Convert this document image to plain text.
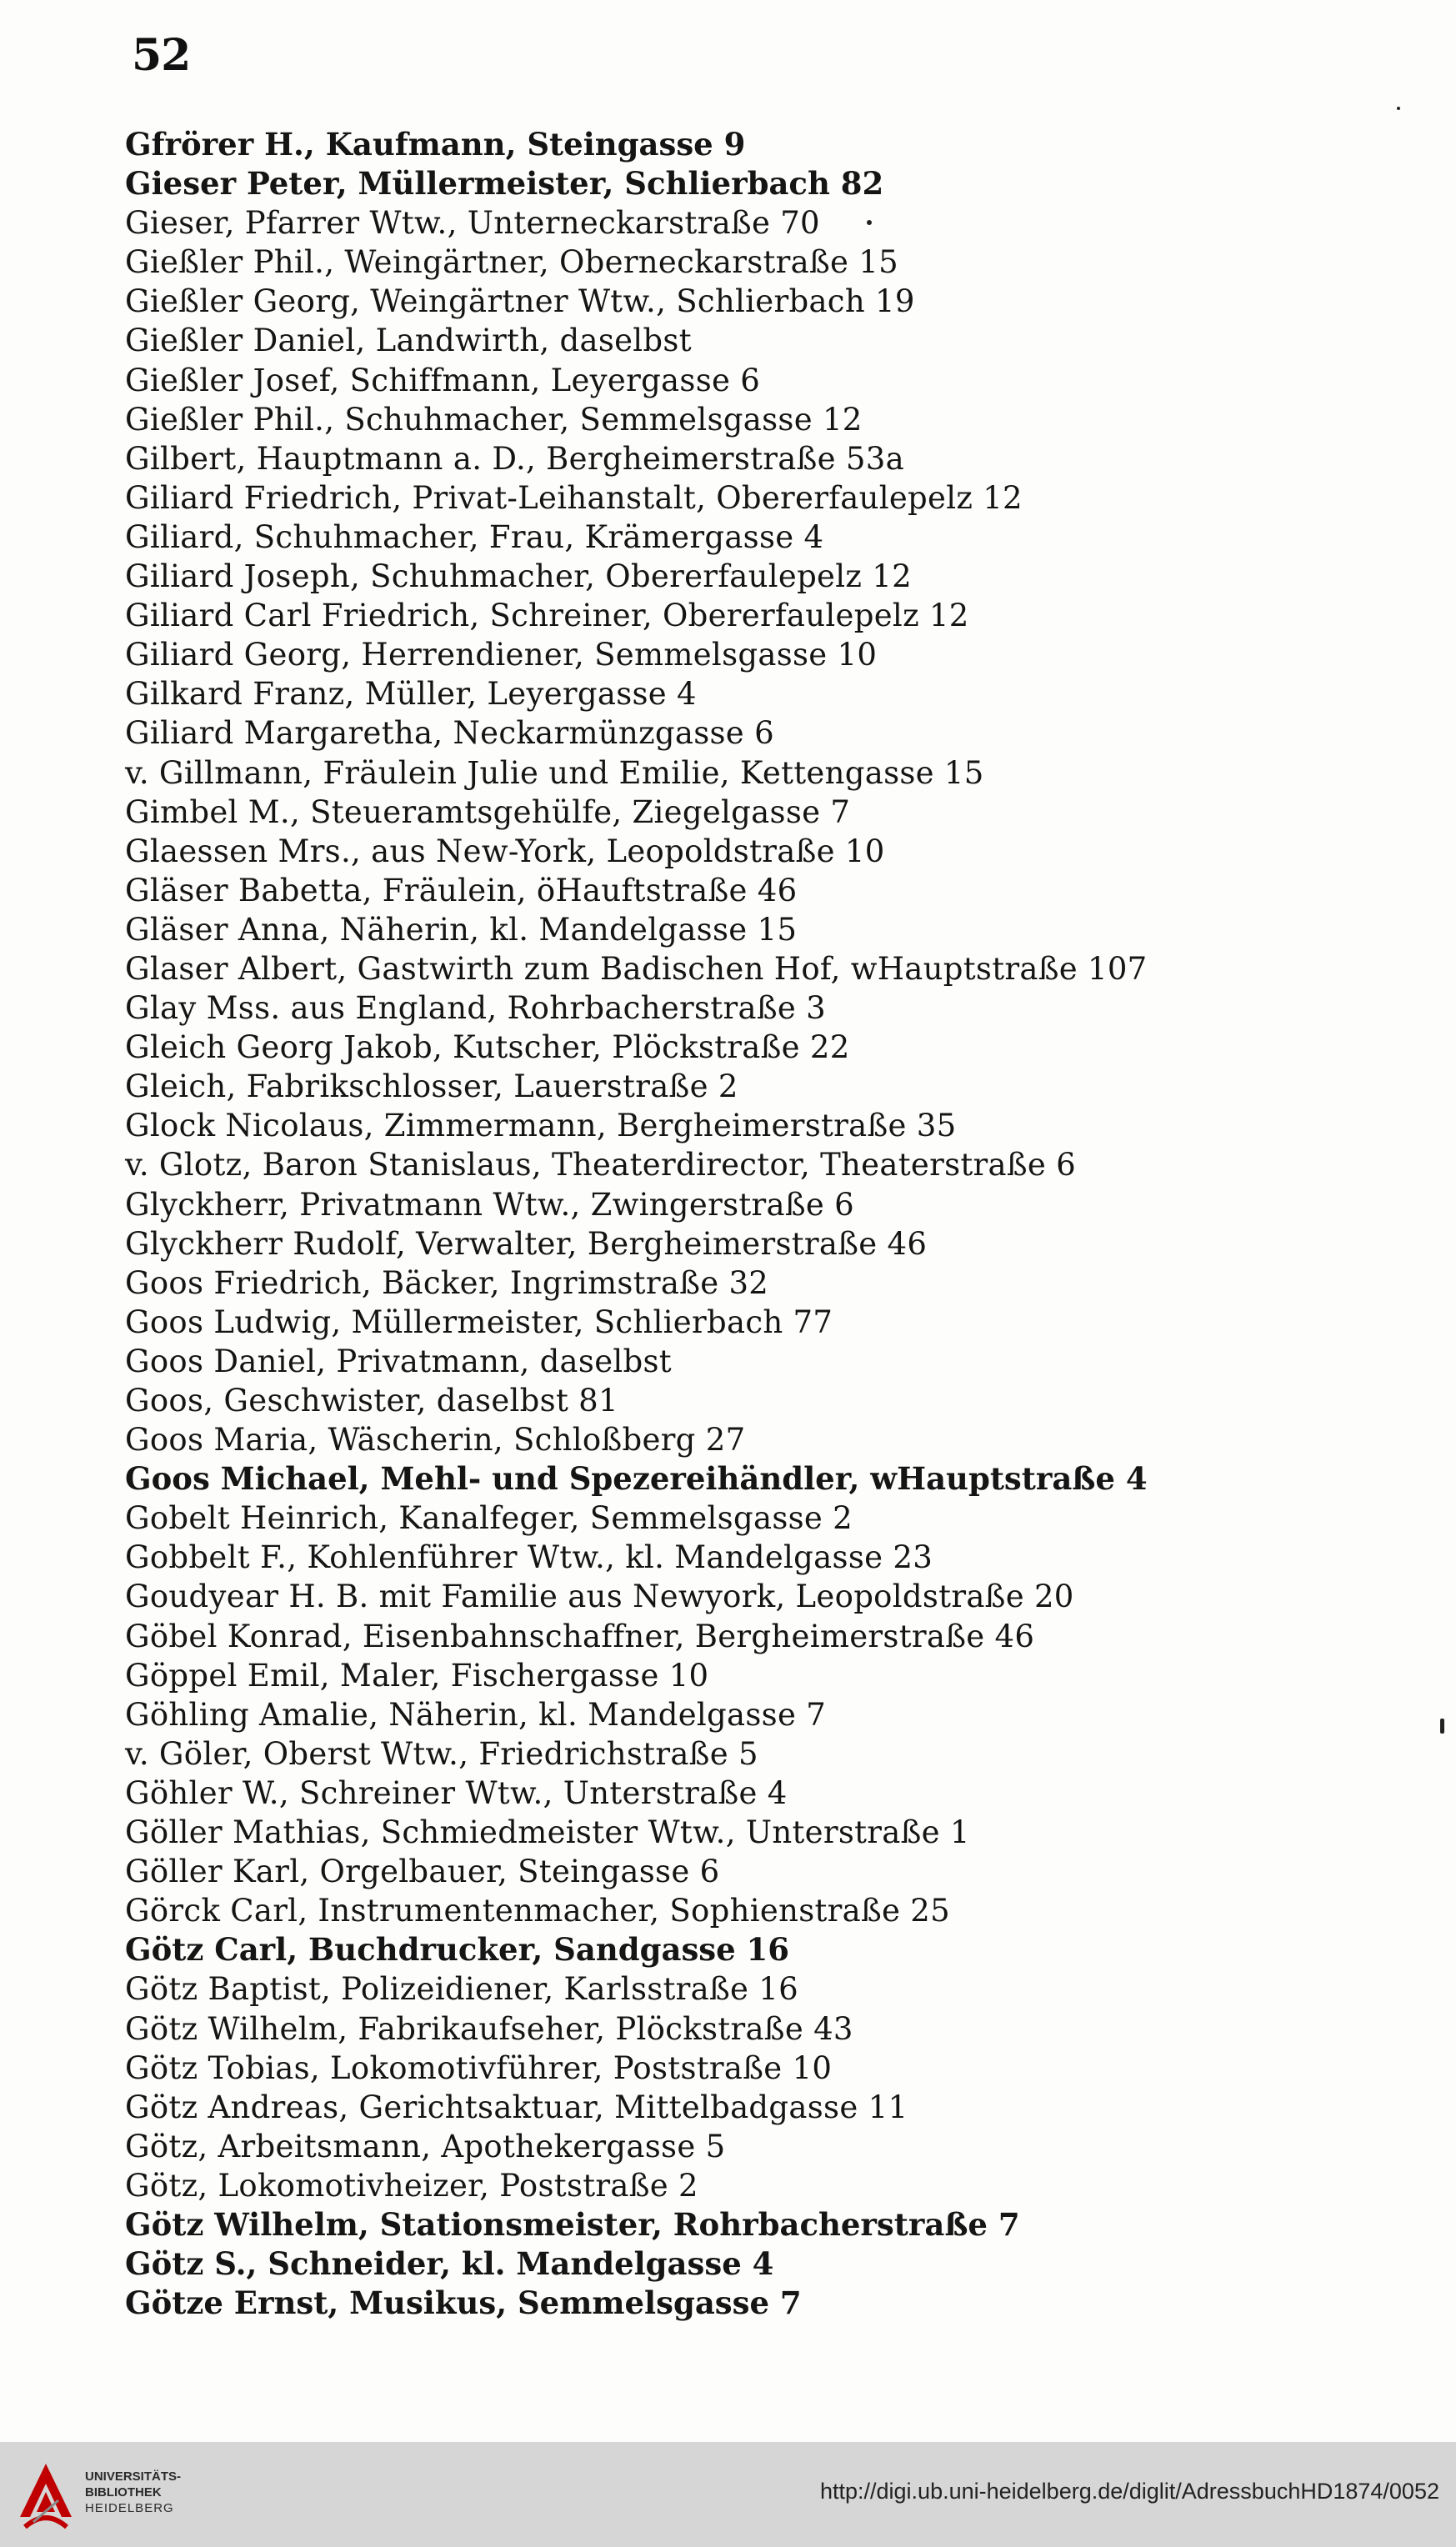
52
Gfrörer H., Kaufmann, Steingasse 9
Gieser Peter, Müllermeister, Schlierbach 82
Gieser, Pfarrer Wtw., Unterneckarstraße 70
Gießler Phil., Weingärtner, Oberneckarstraße 15
Gießler Georg, Weingärtner Wtw., Schlierbach 19
Gießler Daniel, Landwirth, daselbst
Gießler Josef, Schiffmann, Leyergasse 6
Gießler Phil., Schuhmacher, Semmelsgasse 12
Gilbert, Hauptmann a. D., Bergheimerstraße 53a
Giliard Friedrich, Privat-Leihanstalt, Obererfaulepelz 12
Giliard, Schuhmacher, Frau, Krämergasse 4
Giliard Joseph, Schuhmacher, Obererfaulepelz 12
Giliard Carl Friedrich, Schreiner, Obererfaulepelz 12
Giliard Georg, Herrendiener, Semmelsgasse 10
Gilkard Franz, Müller, Leyergasse 4
Giliard Margaretha, Neckarmünzgasse 6
v. Gillmann, Fräulein Julie und Emilie, Kettengasse 15
Gimbel M., Steueramtsgehülfe, Ziegelgasse 7
Glaessen Mrs., aus New-York, Leopoldstraße 10
Gläser Babetta, Fräulein, öHauftstraße 46
Gläser Anna, Näherin, kl. Mandelgasse 15
Glaser Albert, Gastwirth zum Badischen Hof, wHauptstraße 107
Glay Mss. aus England, Rohrbacherstraße 3
Gleich Georg Jakob, Kutscher, Plöckstraße 22
Gleich, Fabrikschlosser, Lauerstraße 2
Glock Nicolaus, Zimmermann, Bergheimerstraße 35
v. Glotz, Baron Stanislaus, Theaterdirector, Theaterstraße 6
Glyckherr, Privatmann Wtw., Zwingerstraße 6
Glyckherr Rudolf, Verwalter, Bergheimerstraße 46
Goos Friedrich, Bäcker, Ingrimstraße 32
Goos Ludwig, Müllermeister, Schlierbach 77
Goos Daniel, Privatmann, daselbst
Goos, Geschwister, daselbst 81
Goos Maria, Wäscherin, Schloßberg 27
Goos Michael, Mehl- und Spezereihändler, wHauptstraße 4
Gobelt Heinrich, Kanalfeger, Semmelsgasse 2
Gobbelt F., Kohlenführer Wtw., kl. Mandelgasse 23
Goudyear H. B. mit Familie aus Newyork, Leopoldstraße 20
Göbel Konrad, Eisenbahnschaffner, Bergheimerstraße 46
Göppel Emil, Maler, Fischergasse 10
Göhling Amalie, Näherin, kl. Mandelgasse 7
v. Göler, Oberst Wtw., Friedrichstraße 5
Göhler W., Schreiner Wtw., Unterstraße 4
Göller Mathias, Schmiedmeister Wtw., Unterstraße 1
Göller Karl, Orgelbauer, Steingasse 6
Görck Carl, Instrumentenmacher, Sophienstraße 25
Götz Carl, Buchdrucker, Sandgasse 16
Götz Baptist, Polizeidiener, Karlsstraße 16
Götz Wilhelm, Fabrikaufseher, Plöckstraße 43
Götz Tobias, Lokomotivführer, Poststraße 10
Götz Andreas, Gerichtsaktuar, Mittelbadgasse 11
Götz, Arbeitsmann, Apothekergasse 5
Götz, Lokomotivheizer, Poststraße 2
Götz Wilhelm, Stationsmeister, Rohrbacherstraße 7
Götz S., Schneider, kl. Mandelgasse 4
Götze Ernst, Musikus, Semmelsgasse 7
UNIVERSITÄTS-
BIBLIOTHEK
HEIDELBERG
http://digi.ub.uni-heidelberg.de/diglit/AdressbuchHD1874/0052
